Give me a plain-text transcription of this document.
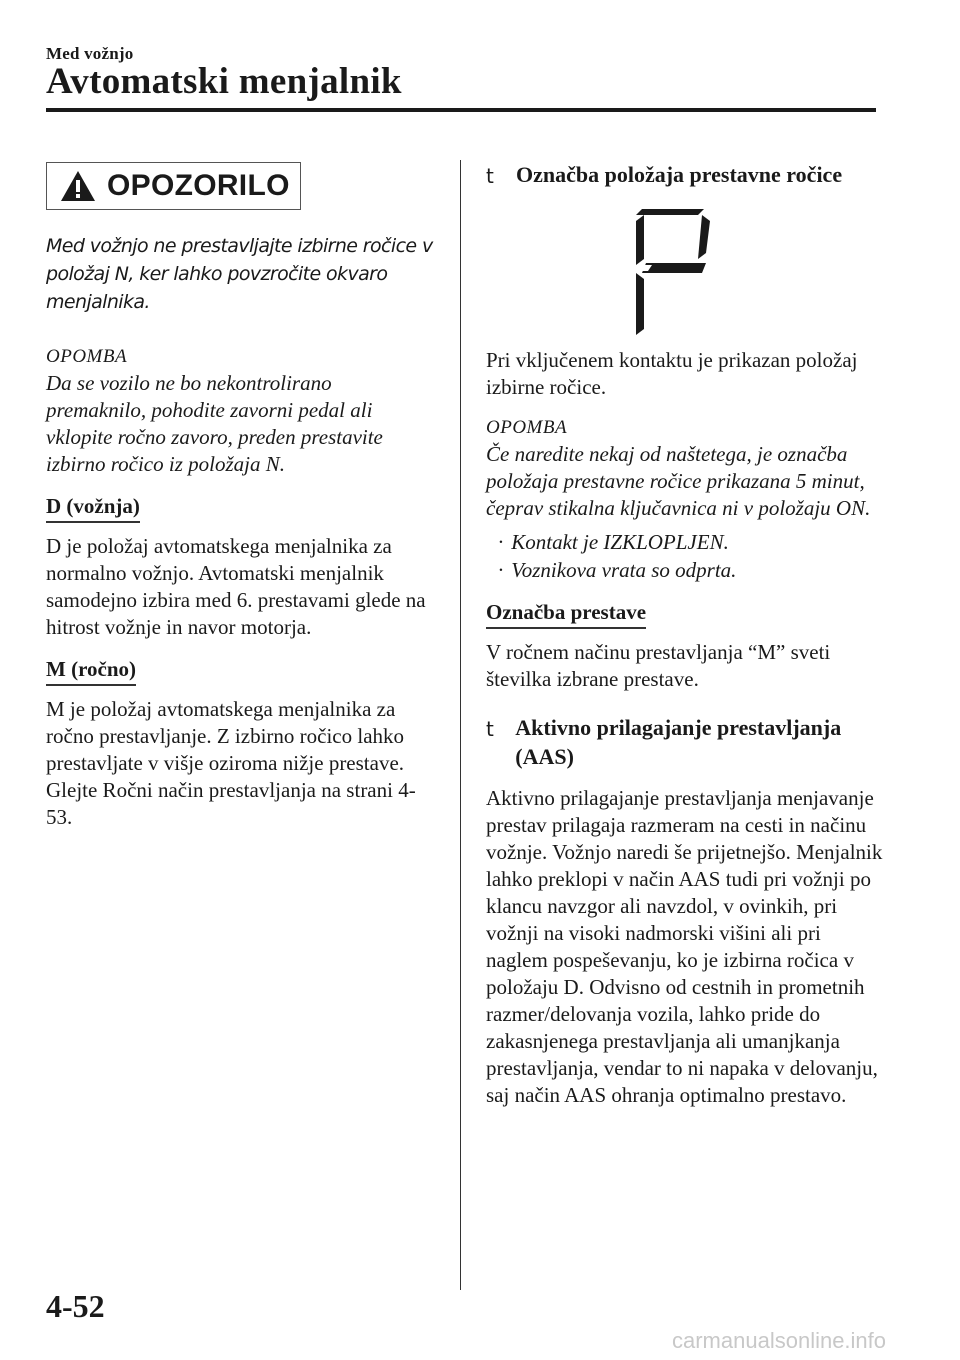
Med vožnjo
Avtomatski menjalnik
OPOZORILO
Med vožnjo ne prestavljajte izbirne ročice v položaj N, ker lahko povzročite okvaro menjalnika.
OPOMBA
Da se vozilo ne bo nekontrolirano premaknilo, pohodite zavorni pedal ali vklopite ročno zavoro, preden prestavite izbirno ročico iz položaja N.
D (vožnja)
D je položaj avtomatskega menjalnika za normalno vožnjo. Avtomatski menjalnik samodejno izbira med 6. prestavami glede na hitrost vožnje in navor motorja.
M (ročno)
M je položaj avtomatskega menjalnika za ročno prestavljanje. Z izbirno ročico lahko prestavljate v višje oziroma nižje prestave. Glejte Ročni način prestavljanja na strani 4-53.
t Označba položaja prestavne ročice
Pri vključenem kontaktu je prikazan položaj izbirne ročice.
OPOMBA
Če naredite nekaj od naštetega, je označba položaja prestavne ročice prikazana 5 minut, čeprav stikalna ključavnica ni v položaju ON.
· Kontakt je IZKLOPLJEN.
· Voznikova vrata so odprta.
Označba prestave
V ročnem načinu prestavljanja “M” sveti številka izbrane prestave.
t Aktivno prilagajanje prestavljanja (AAS)
Aktivno prilagajanje prestavljanja menjavanje prestav prilagaja razmeram na cesti in načinu vožnje. Vožnjo naredi še prijetnejšo. Menjalnik lahko preklopi v način AAS tudi pri vožnji po klancu navzgor ali navzdol, v ovinkih, pri vožnji na visoki nadmorski višini ali pri naglem pospeševanju, ko je izbirna ročica v položaju D. Odvisno od cestnih in prometnih razmer/delovanja vozila, lahko pride do zakasnjenega prestavljanja ali umanjkanja prestavljanja, vendar to ni napaka v delovanju, saj način AAS ohranja optimalno prestavo.
4-52
carmanualsonline.info
